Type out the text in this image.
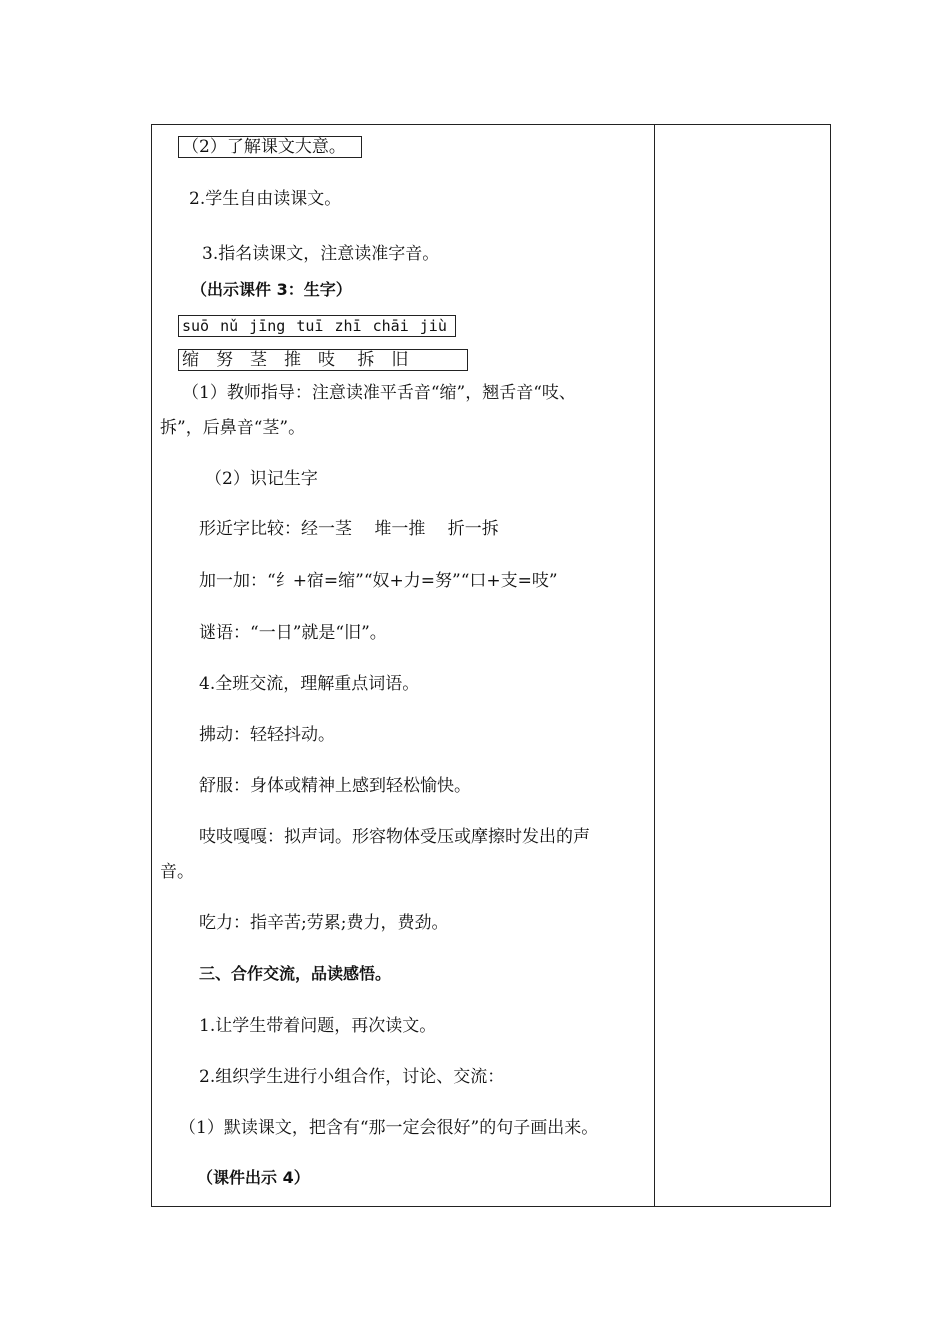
（2）了解课文大意。
2.学生自由读课文。
3.指名读课文，注意读准字音。
（出示课件 3：生字）
suō nǔ jīng tuī zhī chāi jiù
缩　努　茎　推　吱　 拆　旧
（1）教师指导：注意读准平舌音“缩”，翘舌音“吱、
拆”，后鼻音“茎”。
（2）识记生字
形近字比较：经一茎　 堆一推　 折一拆
加一加：“纟+宿=缩”“奴+力=努”“口+支=吱”
谜语：“一日”就是“旧”。
4.全班交流，理解重点词语。
拂动：轻轻抖动。
舒服：身体或精神上感到轻松愉快。
吱吱嘎嘎：拟声词。形容物体受压或摩擦时发出的声
音。
吃力：指辛苦;劳累;费力，费劲。
三、合作交流，品读感悟。
1.让学生带着问题，再次读文。
2.组织学生进行小组合作，讨论、交流：
（1）默读课文，把含有“那一定会很好”的句子画出来。
（课件出示 4）
